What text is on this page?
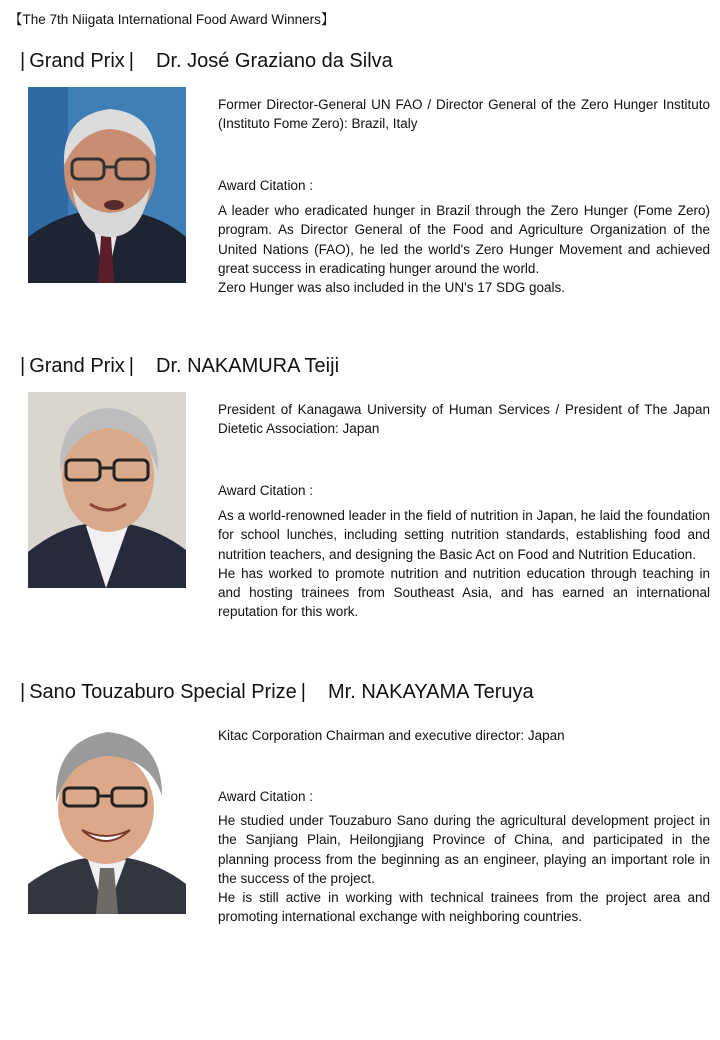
【The 7th Niigata International Food Award Winners】
| Grand Prix | Dr. José Graziano da Silva

Former Director-General UN FAO / Director General of the Zero Hunger Instituto (Instituto Fome Zero): Brazil, Italy

Award Citation :

A leader who eradicated hunger in Brazil through the Zero Hunger (Fome Zero) program. As Director General of the Food and Agriculture Organization of the United Nations (FAO), he led the world's Zero Hunger Movement and achieved great success in eradicating hunger around the world.

Zero Hunger was also included in the UN's 17 SDG goals.

| Grand Prix | Dr. NAKAMURA Teiji

President of Kanagawa University of Human Services / President of The Japan Dietetic Association: Japan

Award Citation :

As a world-renowned leader in the field of nutrition in Japan, he laid the foundation for school lunches, including setting nutrition standards, establishing food and nutrition teachers, and designing the Basic Act on Food and Nutrition Education.

He has worked to promote nutrition and nutrition education through teaching in and hosting trainees from Southeast Asia, and has earned an international reputation for this work.

| Sano Touzaburo Special Prize | Mr. NAKAYAMA Teruya

Kitac Corporation Chairman and executive director: Japan

Award Citation :

He studied under Touzaburo Sano during the agricultural development project in the Sanjiang Plain, Heilongjiang Province of China, and participated in the planning process from the beginning as an engineer, playing an important role in the success of the project.

He is still active in working with technical trainees from the project area and promoting international exchange with neighboring countries.
